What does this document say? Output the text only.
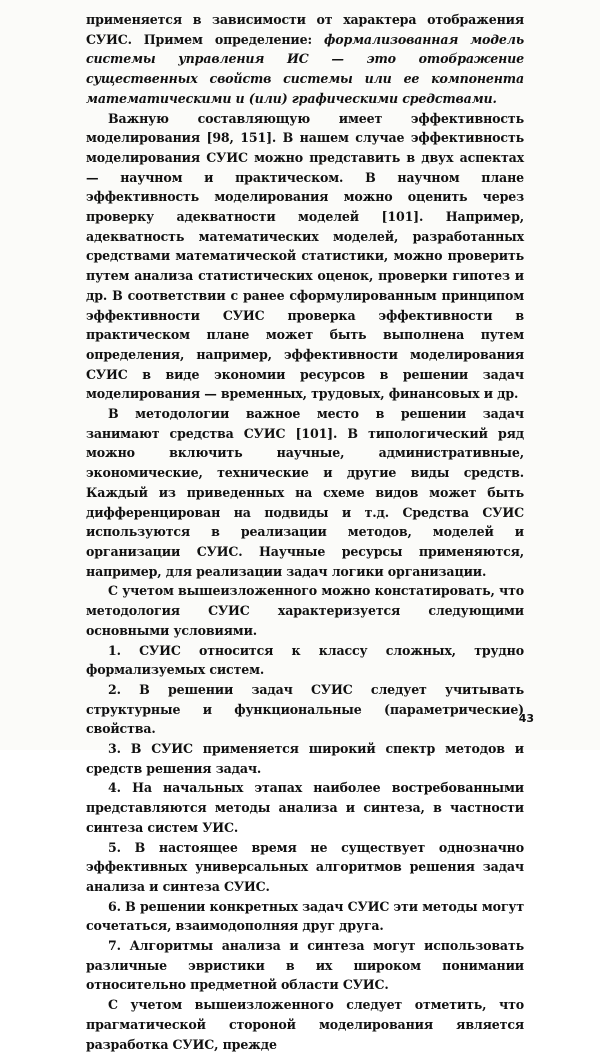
применяется в зависимости от характера отображения СУИС. Примем определение: формализованная модель системы управления ИС — это отображение существенных свойств системы или ее компонента математическими и (или) графическими средствами.

Важную составляющую имеет эффективность моделирования [98, 151]. В нашем случае эффективность моделирования СУИС можно представить в двух аспектах — научном и практическом. В научном плане эффективность моделирования можно оценить через проверку адекватности моделей [101]. Например, адекватность математических моделей, разработанных средствами математической статистики, можно проверить путем анализа статистических оценок, проверки гипотез и др. В соответствии с ранее сформулированным принципом эффективности СУИС проверка эффективности в практическом плане может быть выполнена путем определения, например, эффективности моделирования СУИС в виде экономии ресурсов в решении задач моделирования — временных, трудовых, финансовых и др.

В методологии важное место в решении задач занимают средства СУИС [101]. В типологический ряд можно включить научные, административные, экономические, технические и другие виды средств. Каждый из приведенных на схеме видов может быть дифференцирован на подвиды и т.д. Средства СУИС используются в реализации методов, моделей и организации СУИС. Научные ресурсы применяются, например, для реализации задач логики организации.

С учетом вышеизложенного можно констатировать, что методология СУИС характеризуется следующими основными условиями.

1. СУИС относится к классу сложных, трудно формализуемых систем.

2. В решении задач СУИС следует учитывать структурные и функциональные (параметрические) свойства.

3. В СУИС применяется широкий спектр методов и средств решения задач.

4. На начальных этапах наиболее востребованными представляются методы анализа и синтеза, в частности синтеза систем УИС.

5. В настоящее время не существует однозначно эффективных универсальных алгоритмов решения задач анализа и синтеза СУИС.

6. В решении конкретных задач СУИС эти методы могут сочетаться, взаимодополняя друг друга.

7. Алгоритмы анализа и синтеза могут использовать различные эвристики в их широком понимании относительно предметной области СУИС.

С учетом вышеизложенного следует отметить, что прагматической стороной моделирования является разработка СУИС, прежде

43
